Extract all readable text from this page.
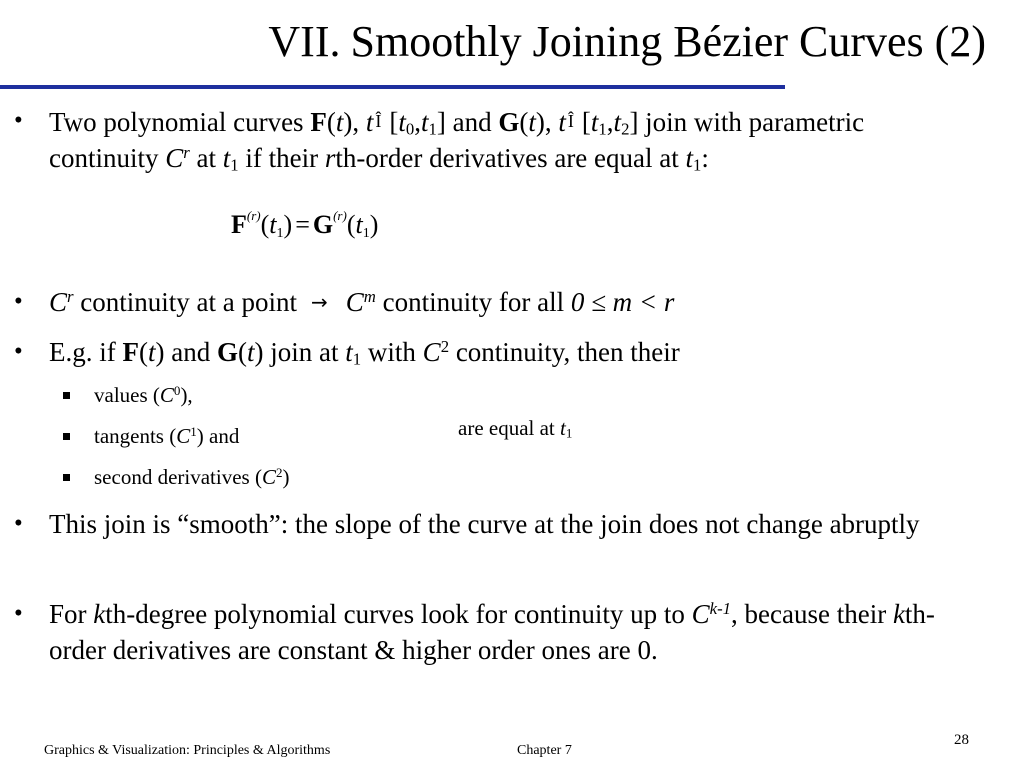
VII. Smoothly Joining Bézier Curves (2)
• Two polynomial curves F(t), t Î $[t_0,t_1]$ and G(t), t Î $[t_1,t_2]$ join with parametric continuity $C^r$ at $t_1$ if their rth-order derivatives are equal at $t_1$:
$F^{(r)}(t_1) = G^{(r)}(t_1)$
• $C^r$ continuity at a point → $C^m$ continuity for all 0 ≤ m < r
• E.g. if F(t) and G(t) join at $t_1$ with $C^2$ continuity, then their
values $(C^0)$,
tangents $(C^1)$ and
second derivatives $(C^2)$
are equal at $t_1$
• This join is “smooth”: the slope of the curve at the join does not change abruptly
• For kth-degree polynomial curves look for continuity up to $C^{k-1}$, because their kth-order derivatives are constant & higher order ones are 0.
Graphics & Visualization: Principles & Algorithms	Chapter 7
28
